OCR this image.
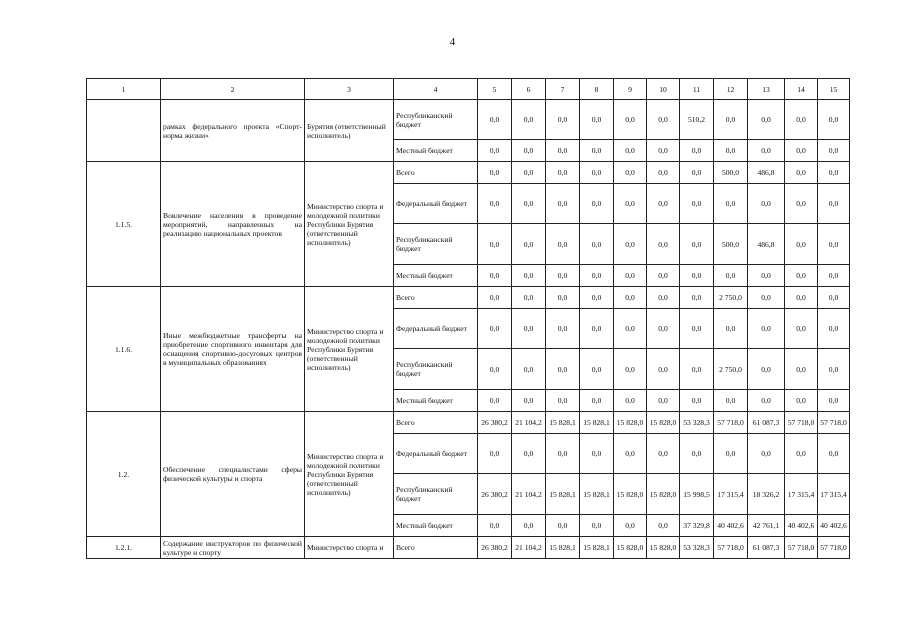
4
1	2	3	4	5	6	7	8	9	10	11	12	13	14	15
	рамках федерального проекта «Спорт-норма жизни»	Бурятия (ответственный исполнитель)	Республиканский бюджет	0,0	0,0	0,0	0,0	0,0	0,0	510,2	0,0	0,0	0,0	0,0
			Местный бюджет	0,0	0,0	0,0	0,0	0,0	0,0	0,0	0,0	0,0	0,0	0,0
1.1.5.	Вовлечение населения в проведение мероприятий, направленных на реализацию национальных проектов	Министерство спорта и молодежной политики Республики Бурятия (ответственный исполнитель)	Всего	0,0	0,0	0,0	0,0	0,0	0,0	0,0	500,0	486,8	0,0	0,0
			Федеральный бюджет	0,0	0,0	0,0	0,0	0,0	0,0	0,0	0,0	0,0	0,0	0,0
			Республиканский бюджет	0,0	0,0	0,0	0,0	0,0	0,0	0,0	500,0	486,8	0,0	0,0
			Местный бюджет	0,0	0,0	0,0	0,0	0,0	0,0	0,0	0,0	0,0	0,0	0,0
1.1.6.	Иные межбюджетные трансферты на приобретение спортивного инвентаря для оснащения спортивно-досуговых центров в муниципальных образованиях	Министерство спорта и молодежной политики Республики Бурятия (ответственный исполнитель)	Всего	0,0	0,0	0,0	0,0	0,0	0,0	0,0	2 750,0	0,0	0,0	0,0
			Федеральный бюджет	0,0	0,0	0,0	0,0	0,0	0,0	0,0	0,0	0,0	0,0	0,0
			Республиканский бюджет	0,0	0,0	0,0	0,0	0,0	0,0	0,0	2 750,0	0,0	0,0	0,0
			Местный бюджет	0,0	0,0	0,0	0,0	0,0	0,0	0,0	0,0	0,0	0,0	0,0
1.2.	Обеспечение специалистами сферы физической культуры и спорта	Министерство спорта и молодежной политики Республики Бурятия (ответственный исполнитель)	Всего	26 380,2	21 104,2	15 828,1	15 828,1	15 828,0	15 828,0	53 328,3	57 718,0	61 087,3	57 718,0	57 718,0
			Федеральный бюджет	0,0	0,0	0,0	0,0	0,0	0,0	0,0	0,0	0,0	0,0	0,0
			Республиканский бюджет	26 380,2	21 104,2	15 828,1	15 828,1	15 828,0	15 828,0	15 998,5	17 315,4	18 326,2	17 315,4	17 315,4
			Местный бюджет	0,0	0,0	0,0	0,0	0,0	0,0	37 329,8	40 402,6	42 761,1	40 402,6	40 402,6
1.2.1.	Содержание инструкторов по физической культуре и спорту	Министерство спорта и	Всего	26 380,2	21 104,2	15 828,1	15 828,1	15 828,0	15 828,0	53 328,3	57 718,0	61 087,3	57 718,0	57 718,0
